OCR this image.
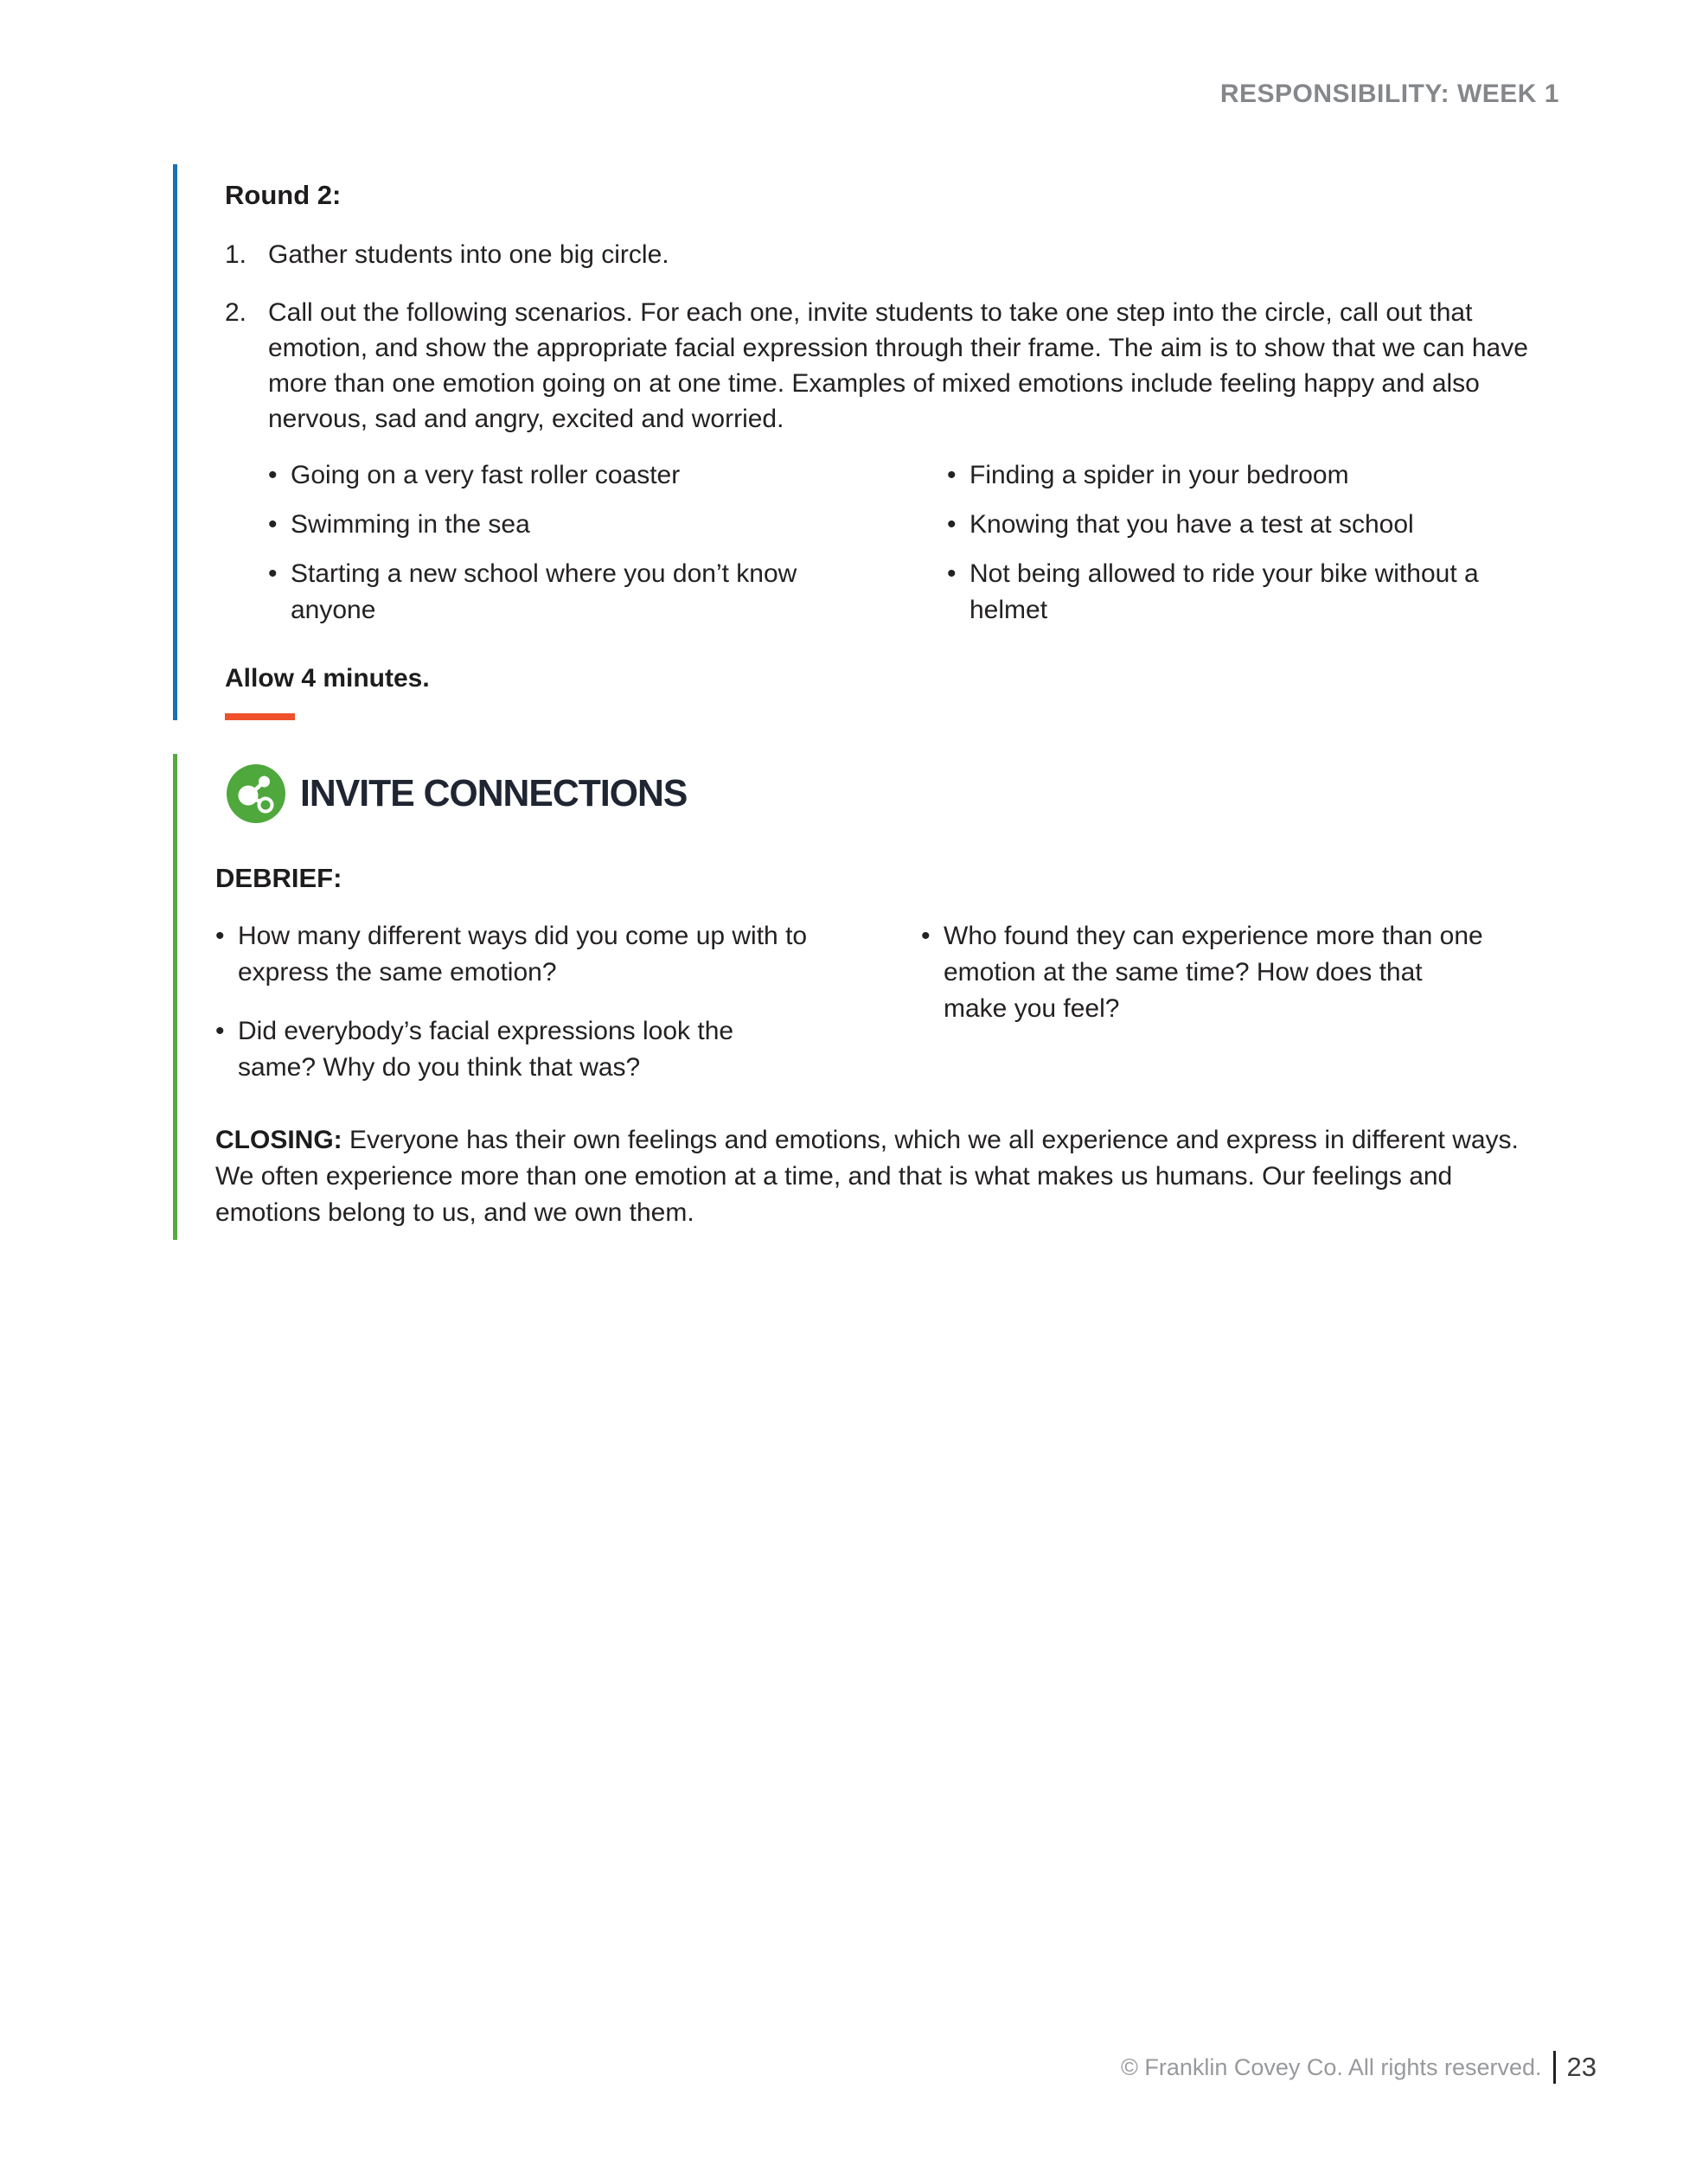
RESPONSIBILITY: WEEK 1
Round 2:
1. Gather students into one big circle.
2. Call out the following scenarios. For each one, invite students to take one step into the circle, call out that emotion, and show the appropriate facial expression through their frame. The aim is to show that we can have more than one emotion going on at one time. Examples of mixed emotions include feeling happy and also nervous, sad and angry, excited and worried.
• Going on a very fast roller coaster
• Swimming in the sea
• Starting a new school where you don’t know anyone
• Finding a spider in your bedroom
• Knowing that you have a test at school
• Not being allowed to ride your bike without a helmet

Allow 4 minutes.

INVITE CONNECTIONS
DEBRIEF:
• How many different ways did you come up with to express the same emotion?
• Did everybody’s facial expressions look the same? Why do you think that was?
• Who found they can experience more than one emotion at the same time? How does that make you feel?

CLOSING: Everyone has their own feelings and emotions, which we all experience and express in different ways. We often experience more than one emotion at a time, and that is what makes us humans. Our feelings and emotions belong to us, and we own them.

© Franklin Covey Co. All rights reserved. 23
